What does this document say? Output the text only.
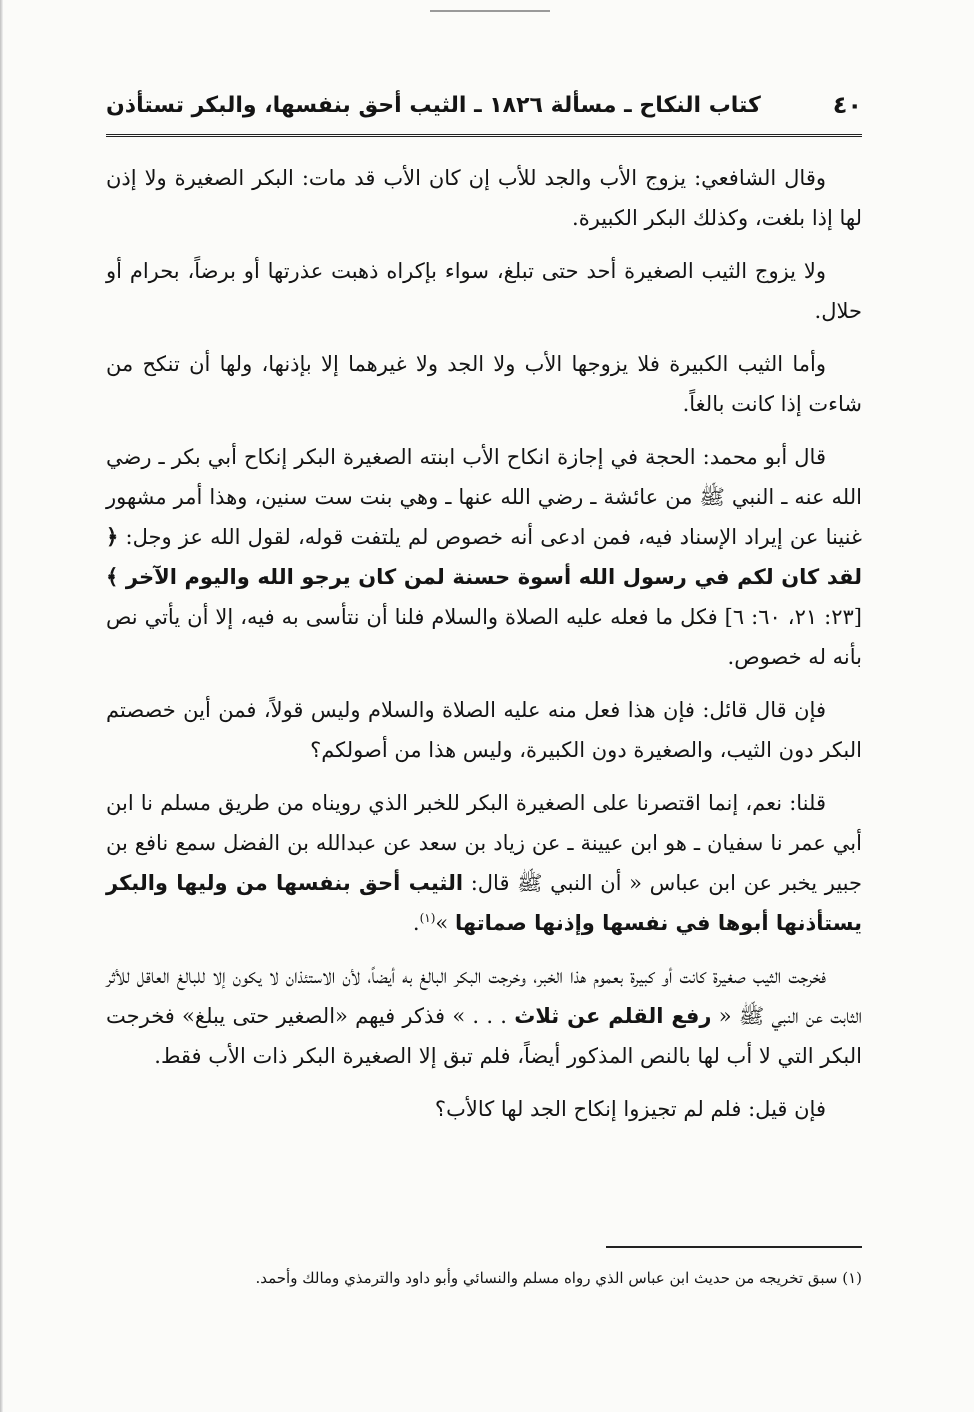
٤٠
كتاب النكاح ـ مسألة ١٨٢٦ ـ الثيب أحق بنفسها، والبكر تستأذن

وقال الشافعي: يزوج الأب والجد للأب إن كان الأب قد مات: البكر الصغيرة ولا إذن لها إذا بلغت، وكذلك البكر الكبيرة.

ولا يزوج الثيب الصغيرة أحد حتى تبلغ، سواء بإكراه ذهبت عذرتها أو برضاً، بحرام أو حلال.

وأما الثيب الكبيرة فلا يزوجها الأب ولا الجد ولا غيرهما إلا بإذنها، ولها أن تنكح من شاءت إذا كانت بالغاً.

قال أبو محمد: الحجة في إجازة انكاح الأب ابنته الصغيرة البكر إنكاح أبي بكر ـ رضي الله عنه ـ النبي ﷺ من عائشة ـ رضي الله عنها ـ وهي بنت ست سنين، وهذا أمر مشهور غنينا عن إيراد الإسناد فيه، فمن ادعى أنه خصوص لم يلتفت قوله، لقول الله عز وجل: ﴿ لقد كان لكم في رسول الله أسوة حسنة لمن كان يرجو الله واليوم الآخر ﴾ [٢٣: ٢١، ٦٠: ٦] فكل ما فعله عليه الصلاة والسلام فلنا أن نتأسى به فيه، إلا أن يأتي نص بأنه له خصوص.

فإن قال قائل: فإن هذا فعل منه عليه الصلاة والسلام وليس قولاً، فمن أين خصصتم البكر دون الثيب، والصغيرة دون الكبيرة، وليس هذا من أصولكم؟

قلنا: نعم، إنما اقتصرنا على الصغيرة البكر للخبر الذي رويناه من طريق مسلم نا ابن أبي عمر نا سفيان ـ هو ابن عيينة ـ عن زياد بن سعد عن عبدالله بن الفضل سمع نافع بن جبير يخبر عن ابن عباس « أن النبي ﷺ قال: الثيب أحق بنفسها من وليها والبكر يستأذنها أبوها في نفسها وإذنها صماتها »$^{(١)}$.

فخرجت الثيب صغيرة كانت أو كبيرة بعموم هذا الخبر، وخرجت البكر البالغ به أيضاً، لأن الاستئذان لا يكون إلا للبالغ العاقل للأثر الثابت عن النبي ﷺ « رفع القلم عن ثلاث . . . » فذكر فيهم «الصغير حتى يبلغ» فخرجت البكر التي لا أب لها بالنص المذكور أيضاً، فلم تبق إلا الصغيرة البكر ذات الأب فقط.

فإن قيل: فلم لم تجيزوا إنكاح الجد لها كالأب؟

(١) سبق تخريجه من حديث ابن عباس الذي رواه مسلم والنسائي وأبو داود والترمذي ومالك وأحمد.
